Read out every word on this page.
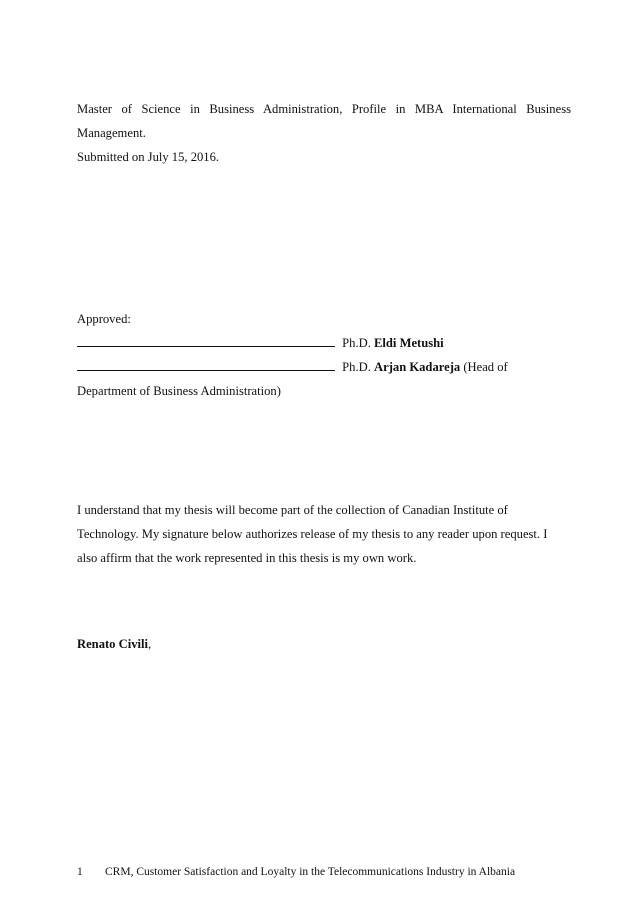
Master of Science in Business Administration, Profile in MBA International Business Management.
Submitted on July 15, 2016.
Approved:
Ph.D. Eldi Metushi
Ph.D. Arjan Kadareja (Head of
Department of Business Administration)
I understand that my thesis will become part of the collection of Canadian Institute of
Technology. My signature below authorizes release of my thesis to any reader upon request. I
also affirm that the work represented in this thesis is my own work.
Renato Civili,
1 CRM, Customer Satisfaction and Loyalty in the Telecommunications Industry in Albania
